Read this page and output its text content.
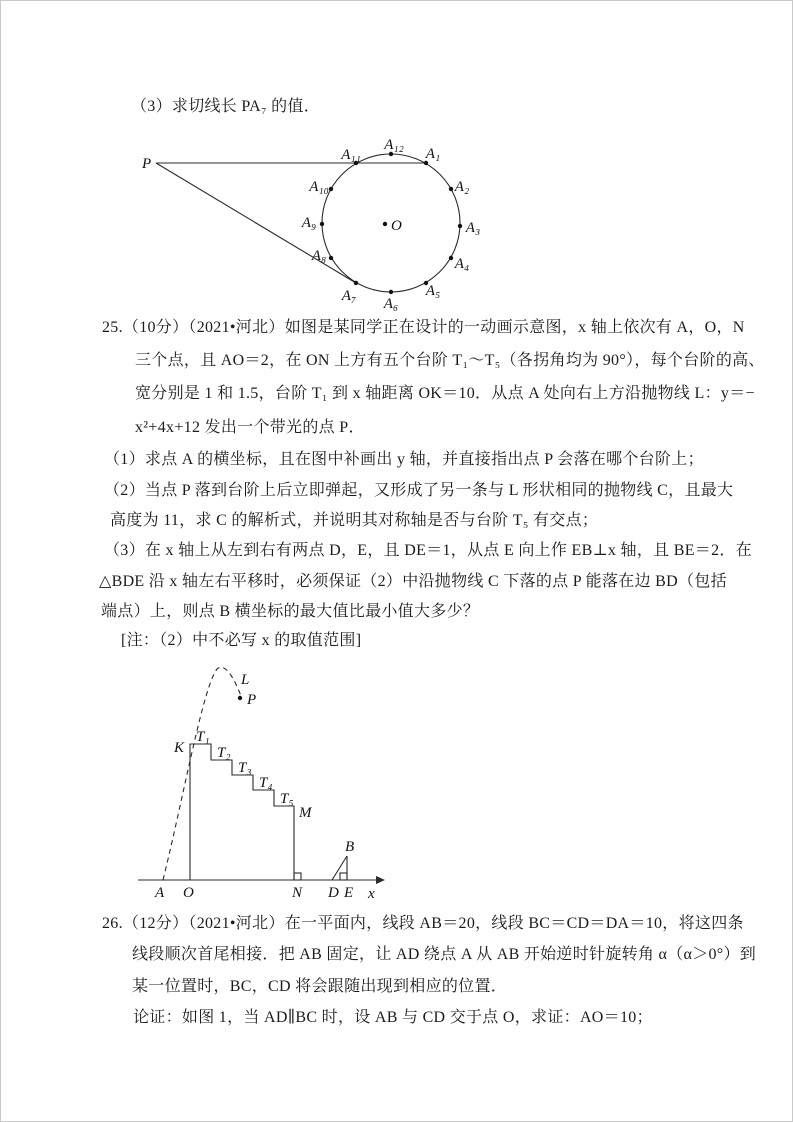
（3）求切线长 PA₇ 的值．
O
P
A₁
A₂
A₃
A₄
A₅
A₆
A₇
A₈
A₉
A₁₀
A₁₁
A₁₂
25.（10分）（2021•河北）如图是某同学正在设计的一动画示意图，x 轴上依次有 A，O，N
三个点，且 AO＝2，在 ON 上方有五个台阶 T₁～T₅（各拐角均为 90°），每个台阶的高、
宽分别是 1 和 1.5，台阶 T₁ 到 x 轴距离 OK＝10．从点 A 处向右上方沿抛物线 L：y＝−
x²+4x+12 发出一个带光的点 P．
（1）求点 A 的横坐标，且在图中补画出 y 轴，并直接指出点 P 会落在哪个台阶上；
（2）当点 P 落到台阶上后立即弹起，又形成了另一条与 L 形状相同的抛物线 C，且最大
高度为 11，求 C 的解析式，并说明其对称轴是否与台阶 T₅ 有交点；
（3）在 x 轴上从左到右有两点 D，E，且 DE＝1，从点 E 向上作 EB⊥x 轴，且 BE＝2．在
△BDE 沿 x 轴左右平移时，必须保证（2）中沿抛物线 C 下落的点 P 能落在边 BD（包括
端点）上，则点 B 横坐标的最大值比最小值大多少？
[注：（2）中不必写 x 的取值范围]
L
P
K
T₁
T₂
T₃
T₄
T₅
M
B
A O	N D E x
26.（12分）（2021•河北）在一平面内，线段 AB＝20，线段 BC＝CD＝DA＝10，将这四条
线段顺次首尾相接．把 AB 固定，让 AD 绕点 A 从 AB 开始逆时针旋转角 α（α＞0°）到
某一位置时，BC，CD 将会跟随出现到相应的位置．
论证：如图 1，当 AD∥BC 时，设 AB 与 CD 交于点 O，求证：AO＝10；
